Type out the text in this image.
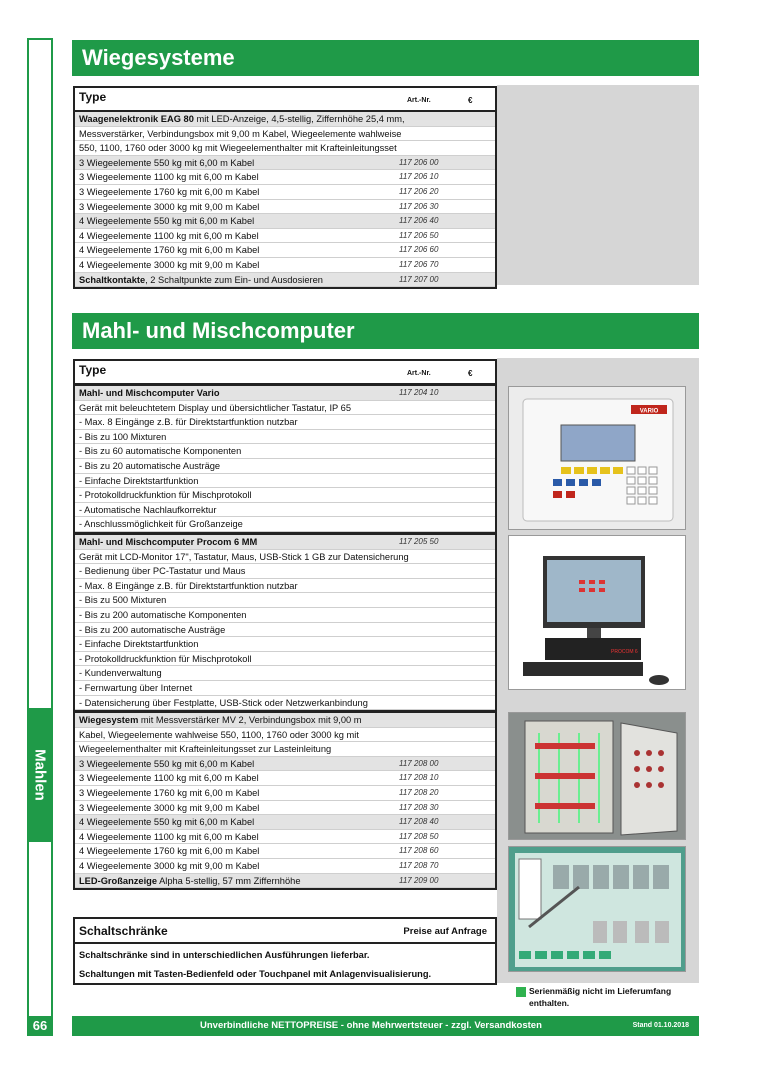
Mahlen
66
Wiegesysteme
Type	Art.-Nr.	€
Waagenelektronik EAG 80 mit LED-Anzeige, 4,5-stellig, Ziffernhöhe 25,4 mm,
Messverstärker, Verbindungsbox mit 9,00 m Kabel, Wiegeelemente wahlweise
550, 1100, 1760 oder 3000 kg mit Wiegeelementhalter mit Krafteinleitungsset
3 Wiegeelemente 550 kg mit 6,00 m Kabel	117 206 00
3 Wiegeelemente 1100 kg mit 6,00 m Kabel	117 206 10
3 Wiegeelemente 1760 kg mit 6,00 m Kabel	117 206 20
3 Wiegeelemente 3000 kg mit 9,00 m Kabel	117 206 30
4 Wiegeelemente 550 kg mit 6,00 m Kabel	117 206 40
4 Wiegeelemente 1100 kg mit 6,00 m Kabel	117 206 50
4 Wiegeelemente 1760 kg mit 6,00 m Kabel	117 206 60
4 Wiegeelemente 3000 kg mit 9,00 m Kabel	117 206 70
Schaltkontakte, 2 Schaltpunkte zum Ein- und Ausdosieren	117 207 00
Mahl- und Mischcomputer
Type	Art.-Nr.	€
Mahl- und Mischcomputer Vario	117 204 10
Gerät mit beleuchtetem Display und übersichtlicher Tastatur, IP 65
- Max. 8 Eingänge z.B. für Direktstartfunktion nutzbar
- Bis zu 100 Mixturen
- Bis zu 60 automatische Komponenten
- Bis zu 20 automatische Austräge
- Einfache Direktstartfunktion
- Protokolldruckfunktion für Mischprotokoll
- Automatische Nachlaufkorrektur
- Anschlussmöglichkeit für Großanzeige
Mahl- und Mischcomputer Procom 6 MM	117 205 50
Gerät mit LCD-Monitor 17", Tastatur, Maus, USB-Stick 1 GB zur Datensicherung
- Bedienung über PC-Tastatur und Maus
- Max. 8 Eingänge z.B. für Direktstartfunktion nutzbar
- Bis zu 500 Mixturen
- Bis zu 200 automatische Komponenten
- Bis zu 200 automatische Austräge
- Einfache Direktstartfunktion
- Protokolldruckfunktion für Mischprotokoll
- Kundenverwaltung
- Fernwartung über Internet
- Datensicherung über Festplatte, USB-Stick oder Netzwerkanbindung
Wiegesystem mit Messverstärker MV 2, Verbindungsbox mit 9,00 m
Kabel, Wiegeelemente wahlweise 550, 1100, 1760 oder 3000 kg mit
Wiegeelementhalter mit Krafteinleitungsset zur Lasteinleitung
3 Wiegeelemente 550 kg mit 6,00 m Kabel	117 208 00
3 Wiegeelemente 1100 kg mit 6,00 m Kabel	117 208 10
3 Wiegeelemente 1760 kg mit 6,00 m Kabel	117 208 20
3 Wiegeelemente 3000 kg mit 9,00 m Kabel	117 208 30
4 Wiegeelemente 550 kg mit 6,00 m Kabel	117 208 40
4 Wiegeelemente 1100 kg mit 6,00 m Kabel	117 208 50
4 Wiegeelemente 1760 kg mit 6,00 m Kabel	117 208 60
4 Wiegeelemente 3000 kg mit 9,00 m Kabel	117 208 70
LED-Großanzeige Alpha 5-stellig, 57 mm Ziffernhöhe	117 209 00
VARIO
PROCOM 6
Schaltschränke	Preise auf Anfrage
Schaltschränke sind in unterschiedlichen Ausführungen lieferbar.
Schaltungen mit Tasten-Bedienfeld oder Touchpanel mit Anlagenvisualisierung.
Serienmäßig nicht im Lieferumfang enthalten.
Unverbindliche NETTOPREISE - ohne Mehrwertsteuer - zzgl. Versandkosten	Stand 01.10.2018
